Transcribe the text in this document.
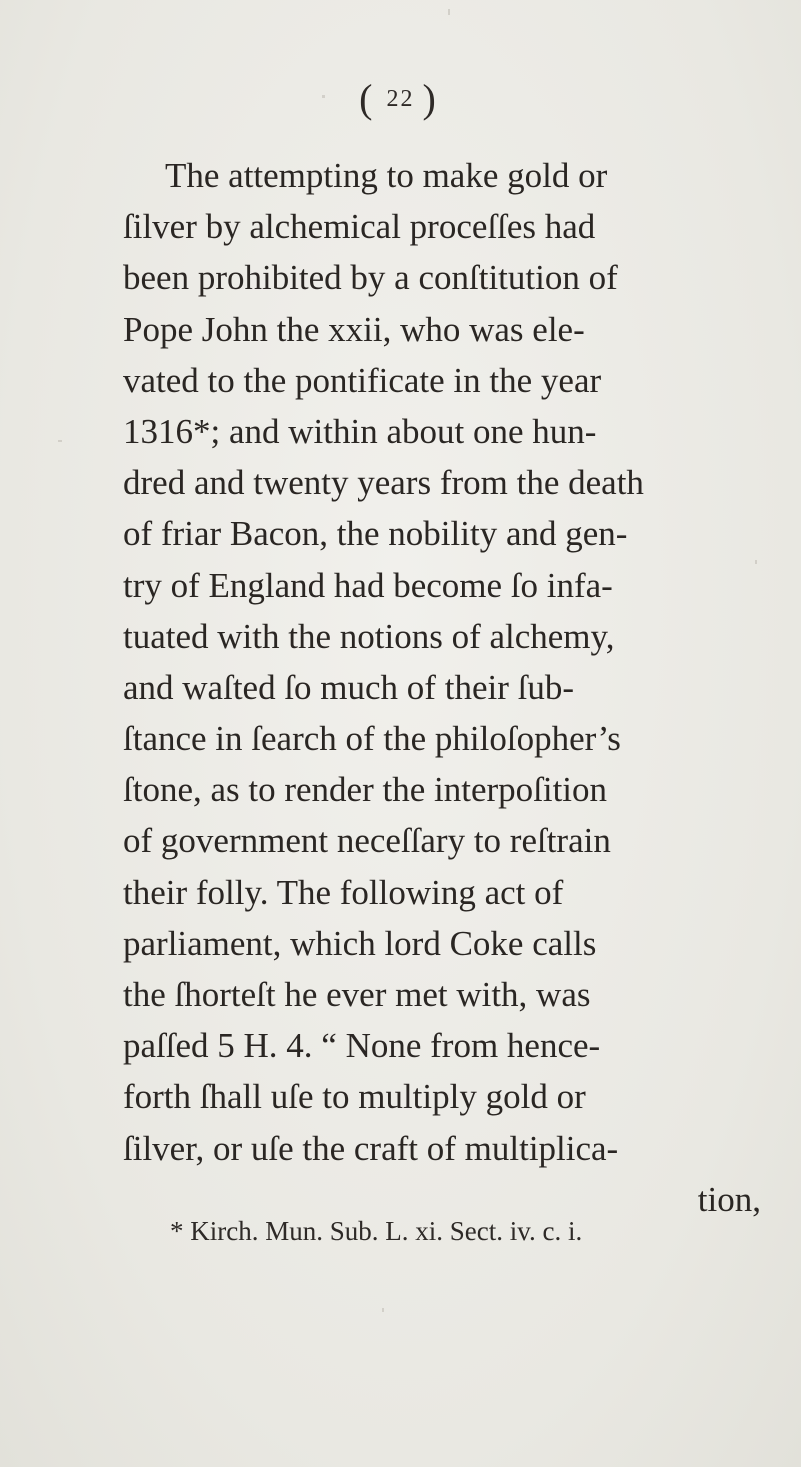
( 22 )
The attempting to make gold or
ſilver by alchemical proceſſes had
been prohibited by a conſtitution of
Pope John the xxii, who was ele-
vated to the pontificate in the year
1316*; and within about one hun-
dred and twenty years from the death
of friar Bacon, the nobility and gen-
try of England had become ſo infa-
tuated with the notions of alchemy,
and waſted ſo much of their ſub-
ſtance in ſearch of the philoſopher’s
ſtone, as to render the interpoſition
of government neceſſary to reſtrain
their folly. The following act of
parliament, which lord Coke calls
the ſhorteſt he ever met with, was
paſſed 5 H. 4. “ None from hence-
forth ſhall uſe to multiply gold or
ſilver, or uſe the craft of multiplica-
tion,
* Kirch. Mun. Sub. L. xi. Sect. iv. c. i.
